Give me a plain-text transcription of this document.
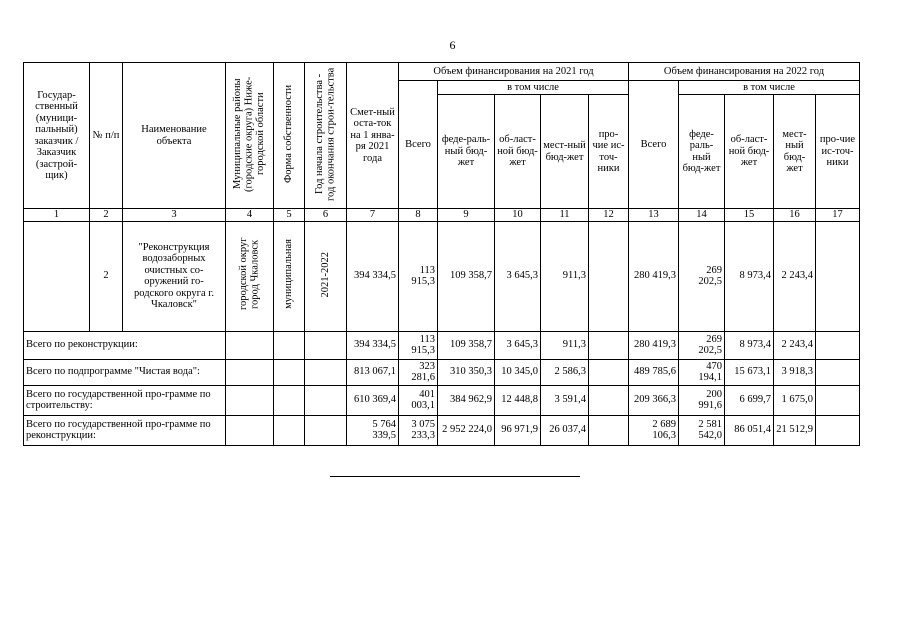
6
Государ-ственный (муници-пальный) заказчик / Заказчик (застрой-щик)	№ п/п	Наименование объекта	Муниципальные районы (городские округа) Ниже-городской области	Форма собственности	Год начала строительства - год окончания строи-тельства	Смет-ный оста-ток на 1 янва-ря 2021 года	Объем финансирования на 2021 год					Объем финансирования на 2022 год				
							Всего	в том числе				Всего	в том числе			
								феде-раль-ный бюд-жет	об-ласт-ной бюд-жет	мест-ный бюд-жет	про-чие ис-точ-ники		феде-раль-ный бюд-жет	об-ласт-ной бюд-жет	мест-ный бюд-жет	про-чие ис-точ-ники
1	2	3	4	5	6	7	8	9	10	11	12	13	14	15	16	17
	2	"Реконструкция водозаборных очистных со-оружений го-родского округа г. Чкаловск"	городской округ город Чкаловск	муниципальная	2021-2022	394 334,5	113 915,3	109 358,7	3 645,3	911,3		280 419,3	269 202,5	8 973,4	2 243,4	
Всего по реконструкции:						394 334,5	113 915,3	109 358,7	3 645,3	911,3		280 419,3	269 202,5	8 973,4	2 243,4	
Всего по подпрограмме "Чистая вода":						813 067,1	323 281,6	310 350,3	10 345,0	2 586,3		489 785,6	470 194,1	15 673,1	3 918,3	
Всего по государственной про-грамме по строительству:						610 369,4	401 003,1	384 962,9	12 448,8	3 591,4		209 366,3	200 991,6	6 699,7	1 675,0	
Всего по государственной про-грамме по реконструкции:						5 764 339,5	3 075 233,3	2 952 224,0	96 971,9	26 037,4		2 689 106,3	2 581 542,0	86 051,4	21 512,9	
